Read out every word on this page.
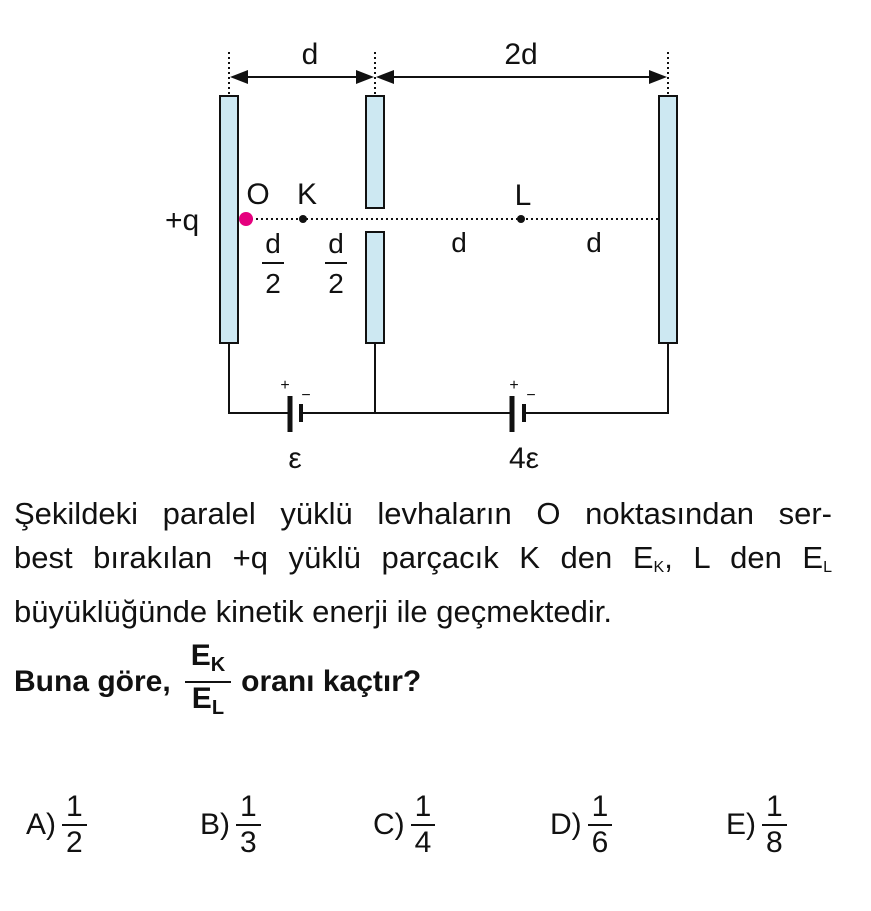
d	2d
+q
O K	L
d
2
d
2
d	d
+
−
ε
+
−
4ε
Şekildeki paralel yüklü levhaların O noktasından ser-
best bırakılan +q yüklü parçacık K den $E_K$, L den $E_L$
büyüklüğünde kinetik enerji ile geçmektedir.
Buna göre, $\frac{E_K}{E_L}$ oranı kaçtır?
A)
1
2
B)
1
3
C)
1
4
D)
1
6
E)
1
8
